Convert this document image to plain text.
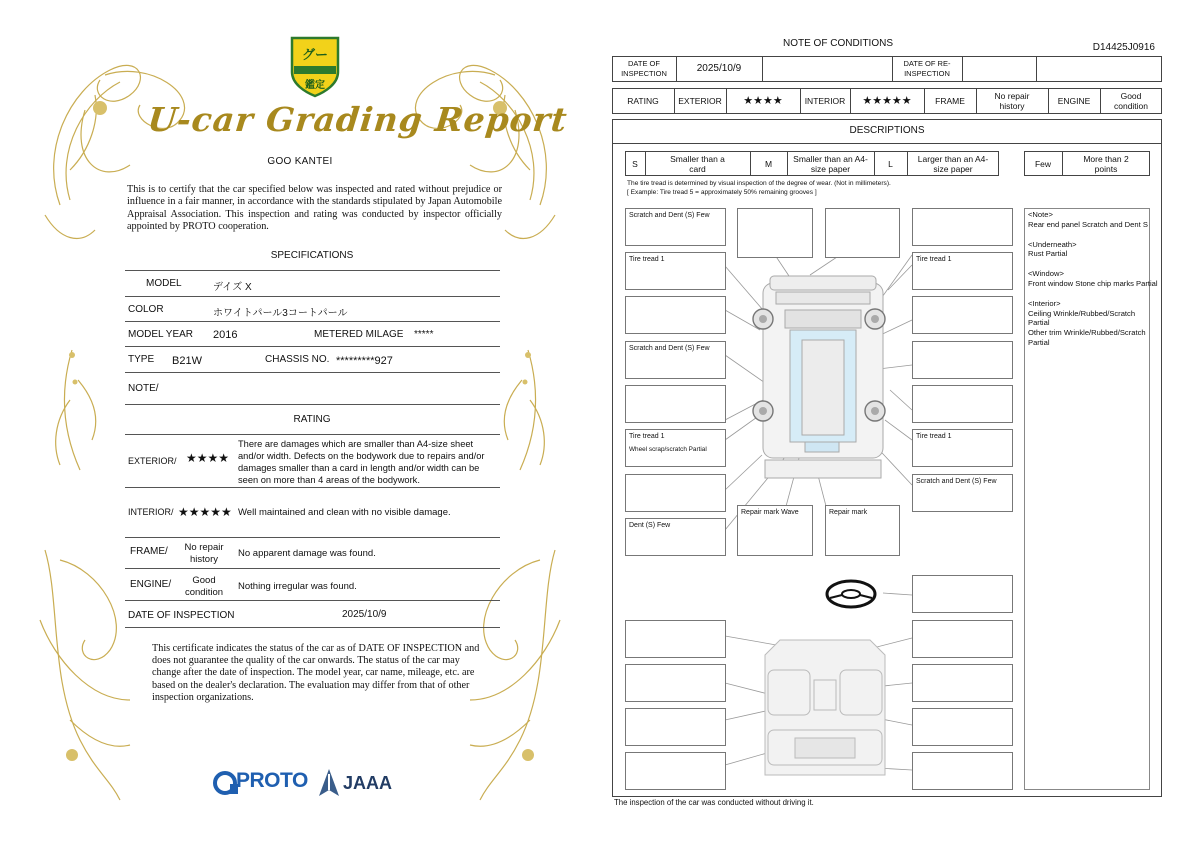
グー
鑑定
U-car Grading Report
GOO KANTEI
This is to certify that the car specified below was inspected and rated without prejudice or influence in a fair manner, in accordance with the standards stipulated by Japan Automobile Appraisal Association. This inspection and rating was conducted by inspector officially appointed by PROTO cooperation.
SPECIFICATIONS
MODEL	デイズ X
COLOR	ホワイトパール3コートパール
MODEL YEAR 2016	METERED MILAGE *****
TYPE B21W	CHASSIS NO. *********927
NOTE/
RATING
EXTERIOR/ ★★★★
There are damages which are smaller than A4-size sheet and/or width. Defects on the bodywork due to repairs and/or damages smaller than a card in length and/or width can be seen on more than 4 areas of the bodywork.
INTERIOR/ ★★★★★ Well maintained and clean with no visible damage.
FRAME/	No repair history	No apparent damage was found.
ENGINE/	Good condition	Nothing irregular was found.
DATE OF INSPECTION	2025/10/9
This certificate indicates the status of the car as of DATE OF INSPECTION and does not guarantee the quality of the car onwards. The status of the car may change after the date of inspection. The model year, car name, mileage, etc. are based on the dealer's declaration. The evaluation may differ from that of other inspection organizations.
PROTO JAAA
NOTE OF CONDITIONS	D14425J0916
DATE OF INSPECTION	2025/10/9	DATE OF RE-INSPECTION
RATING	EXTERIOR	★★★★	INTERIOR	★★★★★	FRAME	No repair history	ENGINE	Good condition
DESCRIPTIONS
S	Smaller than a card	M	Smaller than an A4-size paper	L	Larger than an A4-size paper	Few	More than 2 points
The tire tread is determined by visual inspection of the degree of wear. (Not in millimeters).
[ Example: Tire tread 5 = approximately 50% remaining grooves ]
Scratch and Dent (S) Few
Tire tread 1	Tire tread 1
Scratch and Dent (S) Few
Tire tread 1
Wheel scrap/scratch Partial
Tire tread 1
Scratch and Dent (S) Few
Dent (S) Few
Repair mark Wave	Repair mark
<Note>
Rear end panel Scratch and Dent S
<Underneath>
Rust Partial
<Window>
Front window Stone chip marks Partial
<Interior>
Ceiling Wrinkle/Rubbed/Scratch Partial
Other trim Wrinkle/Rubbed/Scratch Partial
The inspection of the car was conducted without driving it.
